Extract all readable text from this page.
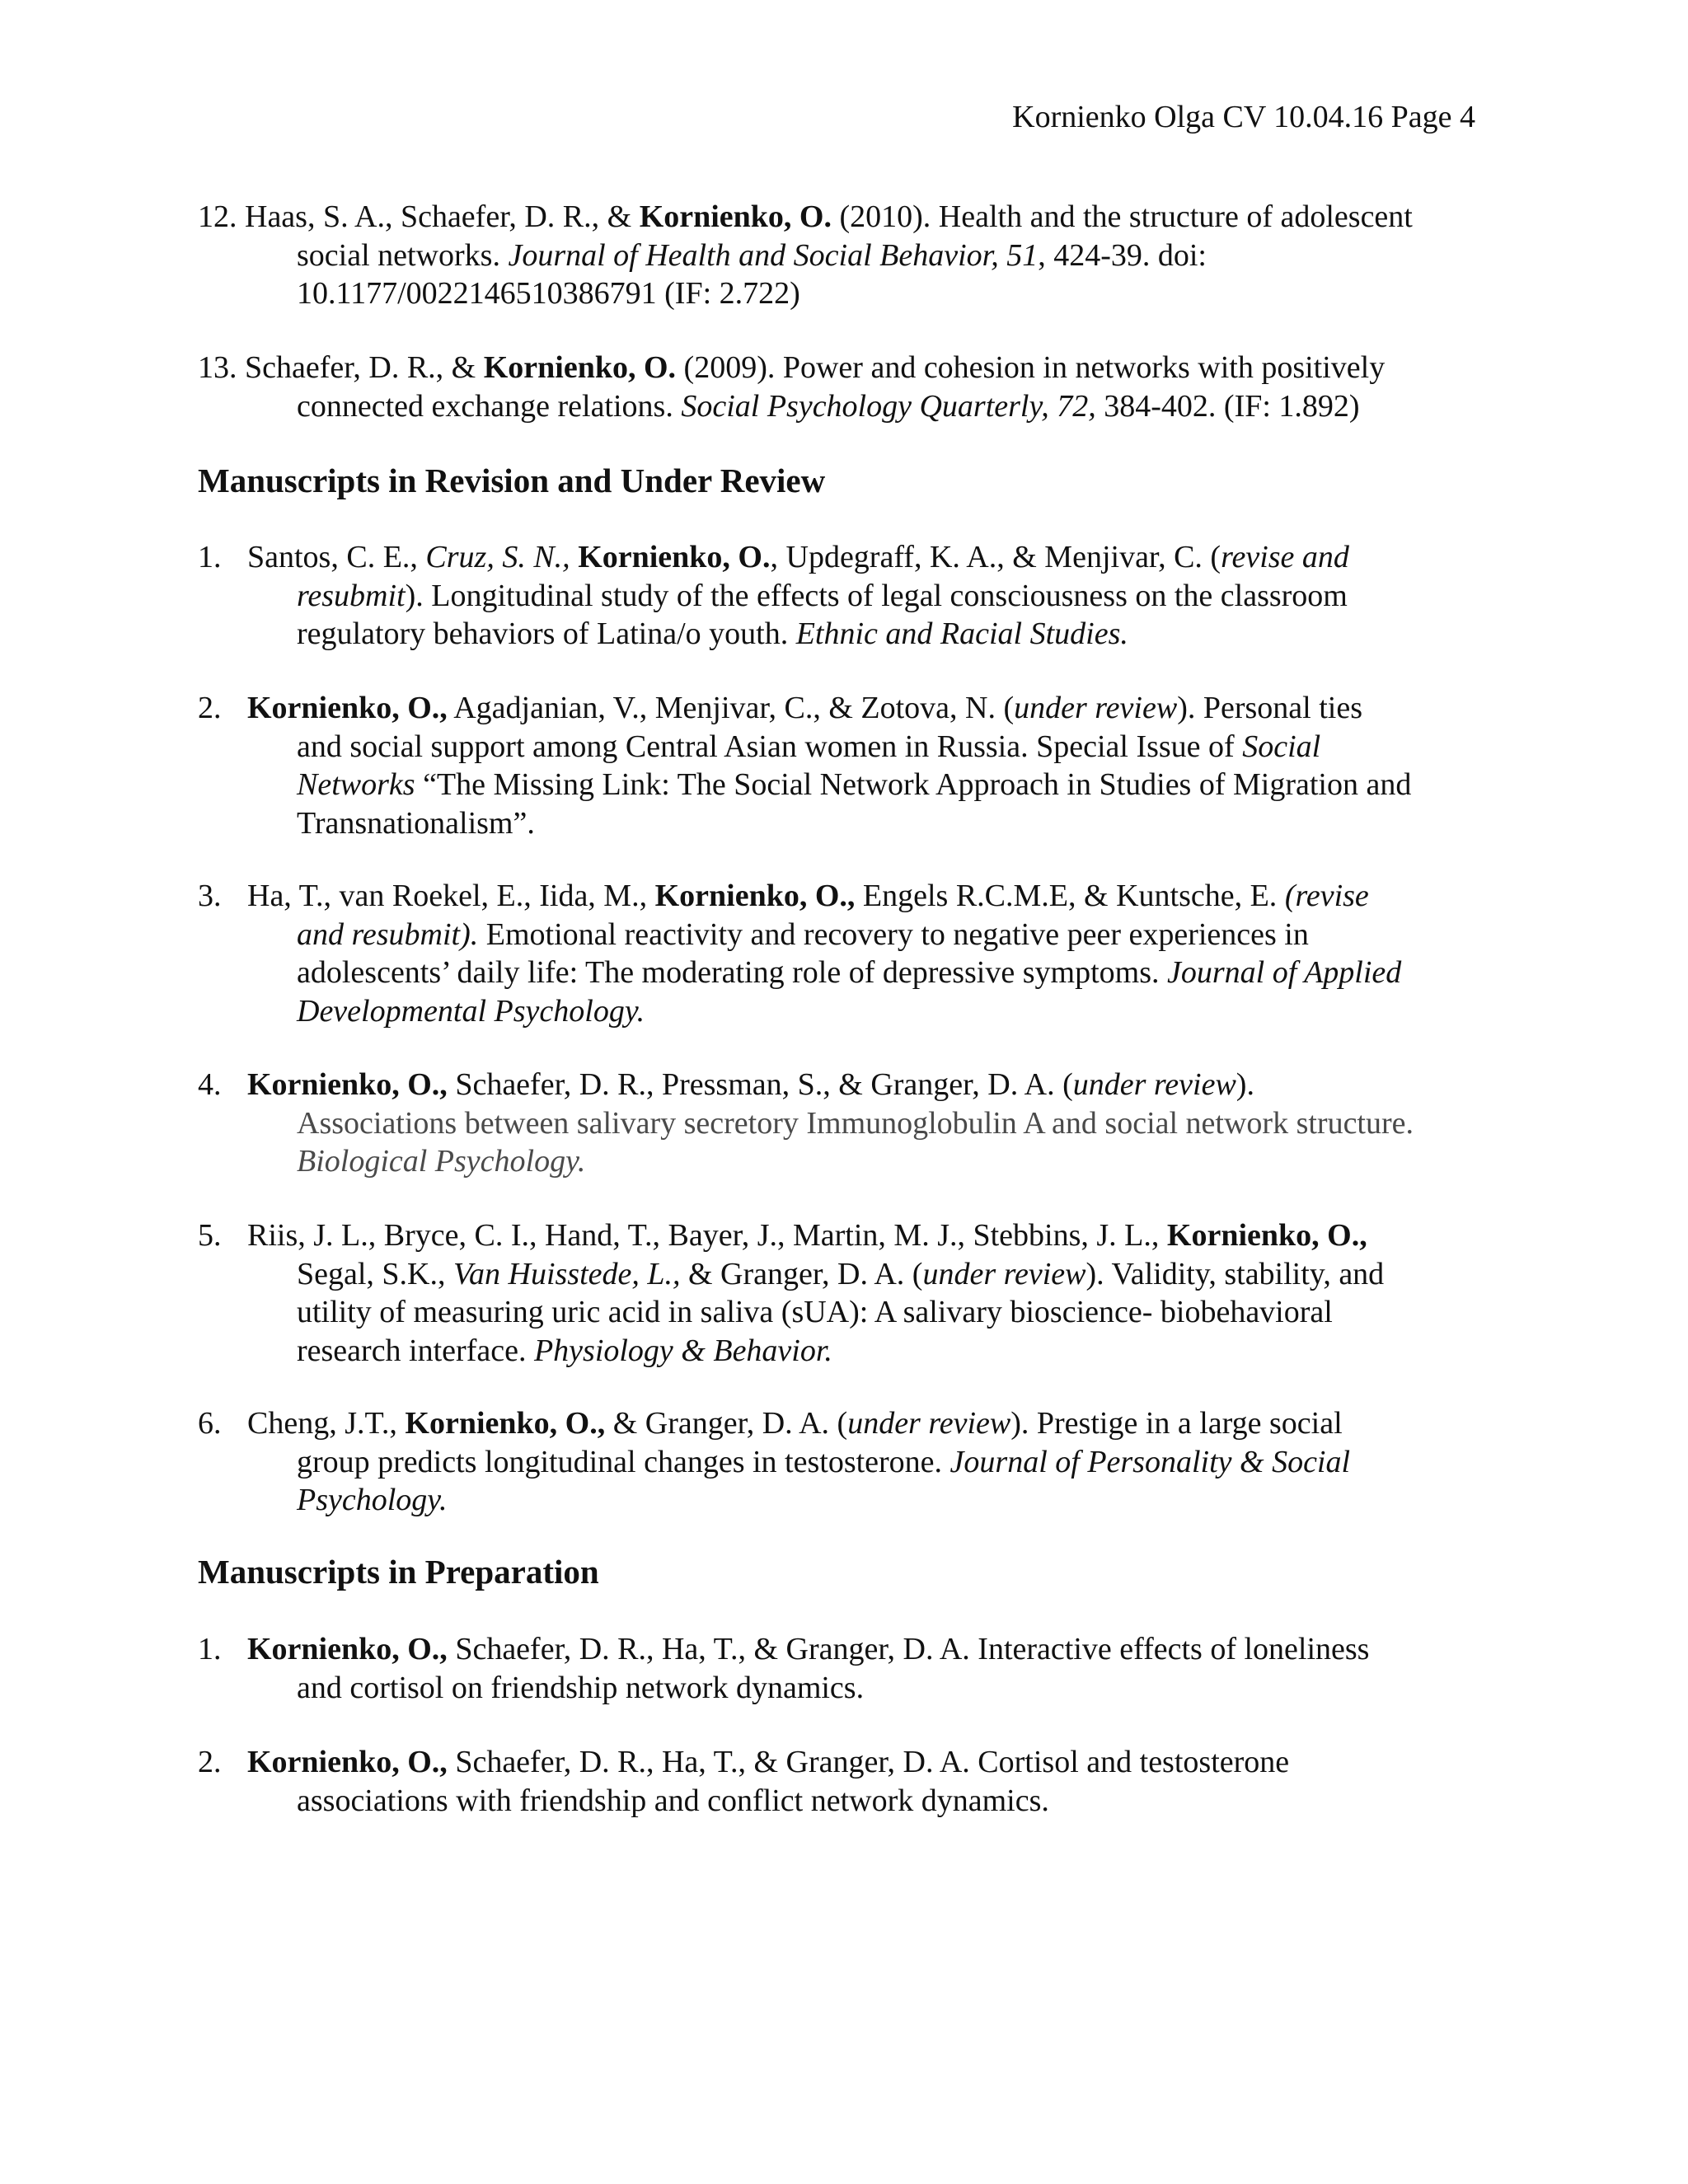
Kornienko Olga CV 10.04.16 Page 4
12. Haas, S. A., Schaefer, D. R., & Kornienko, O. (2010). Health and the structure of adolescent
social networks. Journal of Health and Social Behavior, 51, 424-39. doi:
10.1177/0022146510386791 (IF: 2.722)
13. Schaefer, D. R., & Kornienko, O. (2009). Power and cohesion in networks with positively
connected exchange relations. Social Psychology Quarterly, 72, 384-402. (IF: 1.892)
Manuscripts in Revision and Under Review
1. Santos, C. E., Cruz, S. N., Kornienko, O., Updegraff, K. A., & Menjivar, C. (revise and
resubmit). Longitudinal study of the effects of legal consciousness on the classroom
regulatory behaviors of Latina/o youth. Ethnic and Racial Studies.
2. Kornienko, O., Agadjanian, V., Menjivar, C., & Zotova, N. (under review). Personal ties
and social support among Central Asian women in Russia. Special Issue of Social
Networks “The Missing Link: The Social Network Approach in Studies of Migration and
Transnationalism”.
3. Ha, T., van Roekel, E., Iida, M., Kornienko, O., Engels R.C.M.E, & Kuntsche, E. (revise
and resubmit). Emotional reactivity and recovery to negative peer experiences in
adolescents’ daily life: The moderating role of depressive symptoms. Journal of Applied
Developmental Psychology.
4. Kornienko, O., Schaefer, D. R., Pressman, S., & Granger, D. A. (under review).
Associations between salivary secretory Immunoglobulin A and social network structure.
Biological Psychology.
5. Riis, J. L., Bryce, C. I., Hand, T., Bayer, J., Martin, M. J., Stebbins, J. L., Kornienko, O.,
Segal, S.K., Van Huisstede, L., & Granger, D. A. (under review). Validity, stability, and
utility of measuring uric acid in saliva (sUA): A salivary bioscience- biobehavioral
research interface. Physiology & Behavior.
6. Cheng, J.T., Kornienko, O., & Granger, D. A. (under review). Prestige in a large social
group predicts longitudinal changes in testosterone. Journal of Personality & Social
Psychology.
Manuscripts in Preparation
1. Kornienko, O., Schaefer, D. R., Ha, T., & Granger, D. A. Interactive effects of loneliness
and cortisol on friendship network dynamics.
2. Kornienko, O., Schaefer, D. R., Ha, T., & Granger, D. A. Cortisol and testosterone
associations with friendship and conflict network dynamics.
